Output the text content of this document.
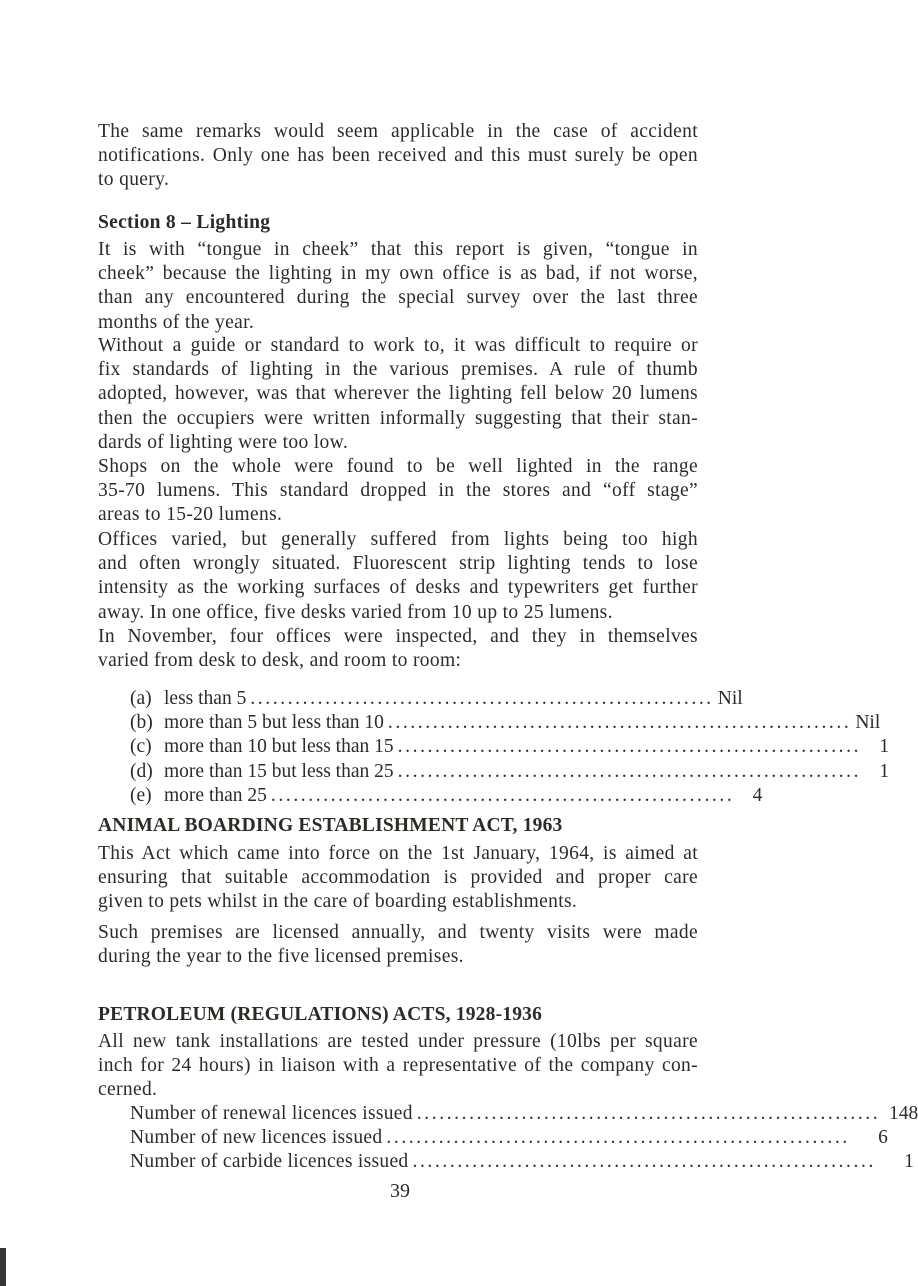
The same remarks would seem applicable in the case of accident
notifications. Only one has been received and this must surely be open
to query.
Section 8 – Lighting
It is with “tongue in cheek” that this report is given, “tongue in
cheek” because the lighting in my own office is as bad, if not worse,
than any encountered during the special survey over the last three
months of the year.
Without a guide or standard to work to, it was difficult to require or
fix standards of lighting in the various premises. A rule of thumb
adopted, however, was that wherever the lighting fell below 20 lumens
then the occupiers were written informally suggesting that their stan-
dards of lighting were too low.
Shops on the whole were found to be well lighted in the range
35-70 lumens. This standard dropped in the stores and “off stage”
areas to 15-20 lumens.
Offices varied, but generally suffered from lights being too high
and often wrongly situated. Fluorescent strip lighting tends to lose
intensity as the working surfaces of desks and typewriters get further
away. In one office, five desks varied from 10 up to 25 lumens.
In November, four offices were inspected, and they in themselves
varied from desk to desk, and room to room:
(a) less than 5 .............................................................. Nil
(b) more than 5 but less than 10 .............................................................. Nil
(c) more than 10 but less than 15 .............................................................. 1
(d) more than 15 but less than 25 .............................................................. 1
(e) more than 25 .............................................................. 4
ANIMAL BOARDING ESTABLISHMENT ACT, 1963
This Act which came into force on the 1st January, 1964, is aimed at
ensuring that suitable accommodation is provided and proper care
given to pets whilst in the care of boarding establishments.
Such premises are licensed annually, and twenty visits were made
during the year to the five licensed premises.
PETROLEUM (REGULATIONS) ACTS, 1928-1936
All new tank installations are tested under pressure (10lbs per square
inch for 24 hours) in liaison with a representative of the company con-
cerned.
Number of renewal licences issued .............................................................. 148
Number of new licences issued ..............................................................	6
Number of carbide licences issued ..............................................................	1
39
